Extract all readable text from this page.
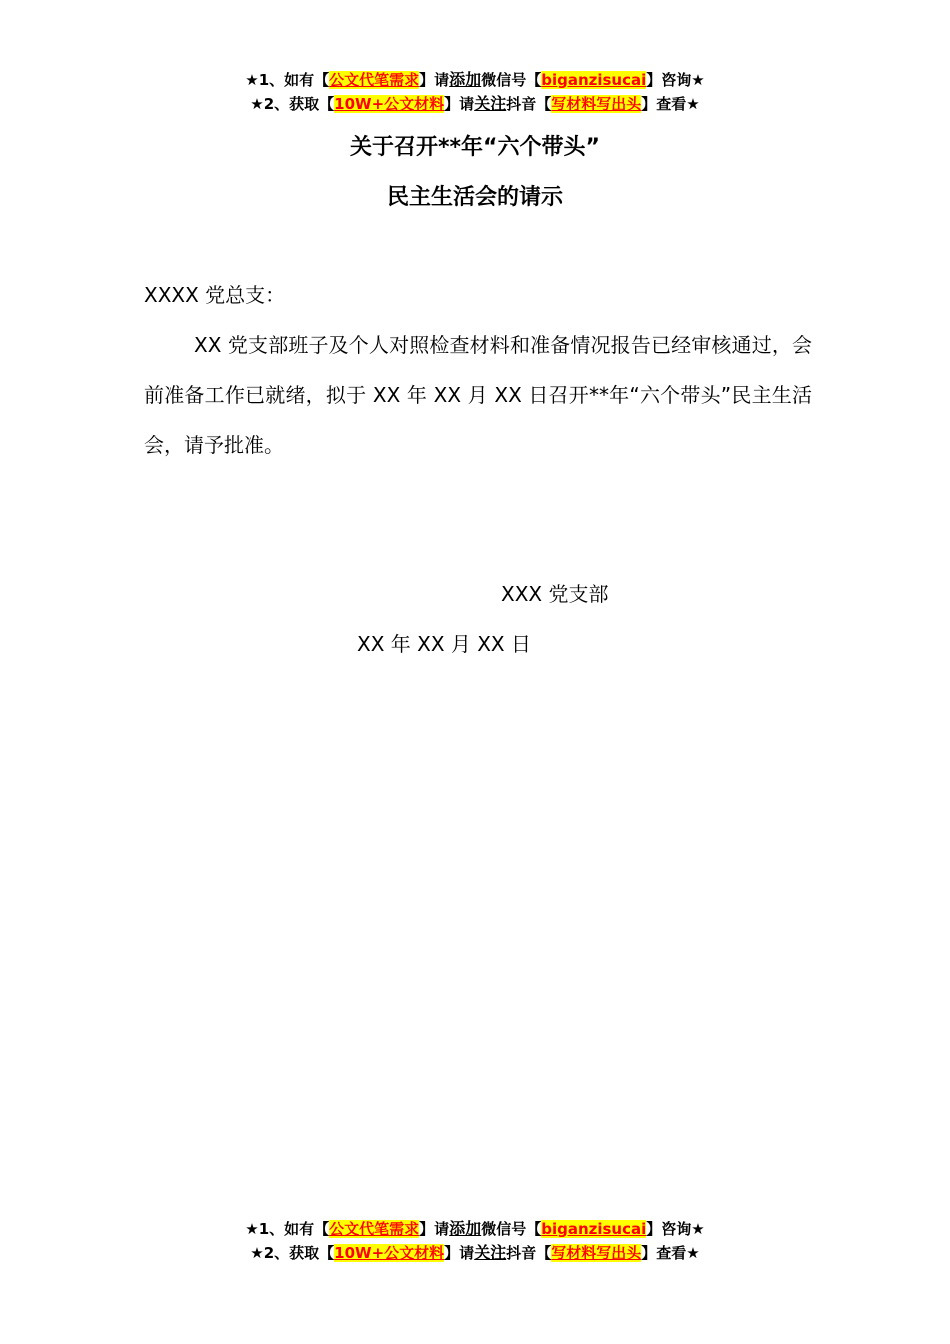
★1、如有【公文代笔需求】请添加微信号【biganzisucai】咨询★
★2、获取【10W+公文材料】请关注抖音【写材料写出头】查看★
关于召开**年“六个带头”
民主生活会的请示
XXXX 党总支：
XX 党支部班子及个人对照检查材料和准备情况报告已经审核通过，会前准备工作已就绪，拟于 XX 年 XX 月 XX 日召开**年“六个带头”民主生活会，请予批准。
XXX 党支部
XX 年 XX 月 XX 日
★1、如有【公文代笔需求】请添加微信号【biganzisucai】咨询★
★2、获取【10W+公文材料】请关注抖音【写材料写出头】查看★
